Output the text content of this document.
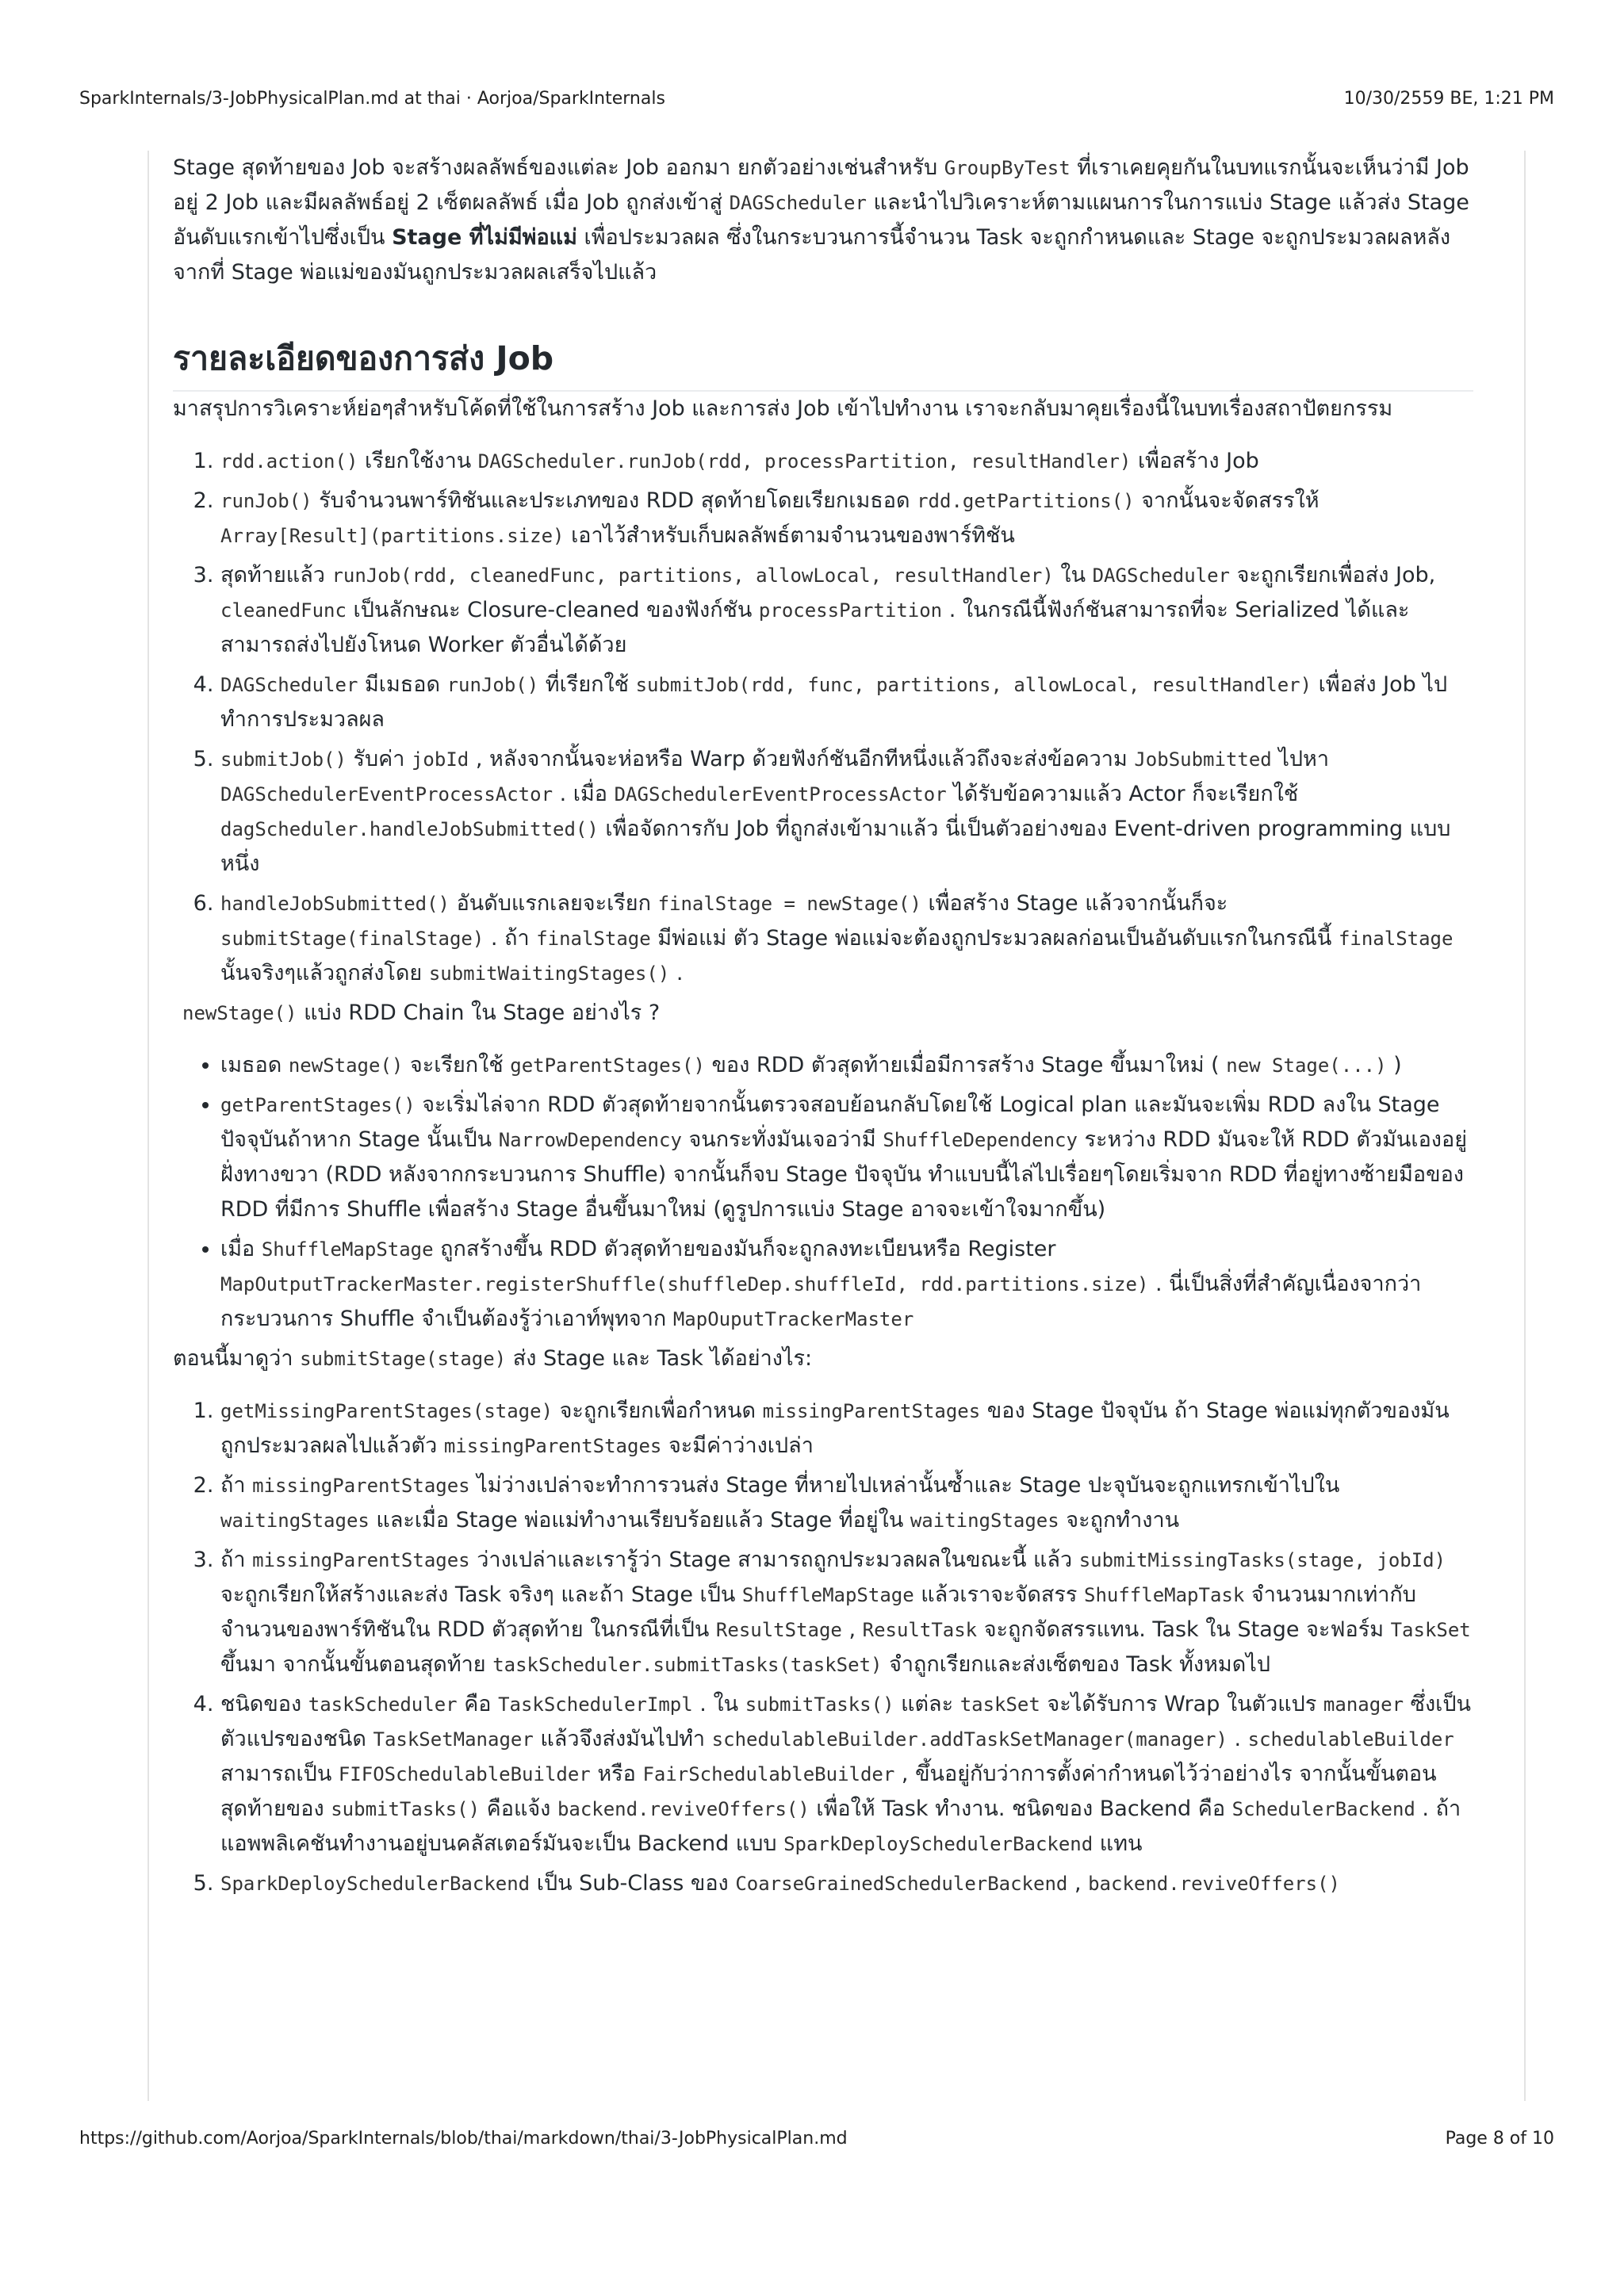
SparkInternals/3-JobPhysicalPlan.md at thai · Aorjoa/SparkInternals	10/30/2559 BE, 1:21 PM

Stage สุดท้ายของ Job จะสร้างผลลัพธ์ของแต่ละ Job ออกมา ยกตัวอย่างเช่นสำหรับ GroupByTest ที่เราเคยคุยกันในบทแรกนั้นจะเห็นว่ามี Job อยู่ 2 Job และมีผลลัพธ์อยู่ 2 เซ็ตผลลัพธ์ เมื่อ Job ถูกส่งเข้าสู่ DAGScheduler และนำไปวิเคราะห์ตามแผนการในการแบ่ง Stage แล้วส่ง Stage อันดับแรกเข้าไปซึ่งเป็น Stage ที่ไม่มีพ่อแม่ เพื่อประมวลผล ซึ่งในกระบวนการนี้จำนวน Task จะถูกกำหนดและ Stage จะถูกประมวลผลหลังจากที่ Stage พ่อแม่ของมันถูกประมวลผลเสร็จไปแล้ว

รายละเอียดของการส่ง Job

มาสรุปการวิเคราะห์ย่อๆสำหรับโค้ดที่ใช้ในการสร้าง Job และการส่ง Job เข้าไปทำงาน เราจะกลับมาคุยเรื่องนี้ในบทเรื่องสถาปัตยกรรม

1. rdd.action() เรียกใช้งาน DAGScheduler.runJob(rdd, processPartition, resultHandler) เพื่อสร้าง Job
2. runJob() รับจำนวนพาร์ทิชันและประเภทของ RDD สุดท้ายโดยเรียกเมธอด rdd.getPartitions() จากนั้นจะจัดสรรให้ Array[Result](partitions.size) เอาไว้สำหรับเก็บผลลัพธ์ตามจำนวนของพาร์ทิชัน
3. สุดท้ายแล้ว runJob(rdd, cleanedFunc, partitions, allowLocal, resultHandler) ใน DAGScheduler จะถูกเรียกเพื่อส่ง Job, cleanedFunc เป็นลักษณะ Closure-cleaned ของฟังก์ชัน processPartition . ในกรณีนี้ฟังก์ชันสามารถที่จะ Serialized ได้และสามารถส่งไปยังโหนด Worker ตัวอื่นได้ด้วย
4. DAGScheduler มีเมธอด runJob() ที่เรียกใช้ submitJob(rdd, func, partitions, allowLocal, resultHandler) เพื่อส่ง Job ไปทำการประมวลผล
5. submitJob() รับค่า jobId , หลังจากนั้นจะห่อหรือ Warp ด้วยฟังก์ชันอีกทีหนึ่งแล้วถึงจะส่งข้อความ JobSubmitted ไปหา DAGSchedulerEventProcessActor . เมื่อ DAGSchedulerEventProcessActor ได้รับข้อความแล้ว Actor ก็จะเรียกใช้ dagScheduler.handleJobSubmitted() เพื่อจัดการกับ Job ที่ถูกส่งเข้ามาแล้ว นี่เป็นตัวอย่างของ Event-driven programming แบบหนึ่ง
6. handleJobSubmitted() อันดับแรกเลยจะเรียก finalStage = newStage() เพื่อสร้าง Stage แล้วจากนั้นก็จะ submitStage(finalStage) . ถ้า finalStage มีพ่อแม่ ตัว Stage พ่อแม่จะต้องถูกประมวลผลก่อนเป็นอันดับแรกในกรณีนี้ finalStage นั้นจริงๆแล้วถูกส่งโดย submitWaitingStages() .

newStage() แบ่ง RDD Chain ใน Stage อย่างไร ?

• เมธอด newStage() จะเรียกใช้ getParentStages() ของ RDD ตัวสุดท้ายเมื่อมีการสร้าง Stage ขึ้นมาใหม่ ( new Stage(...) )
• getParentStages() จะเริ่มไล่จาก RDD ตัวสุดท้ายจากนั้นตรวจสอบย้อนกลับโดยใช้ Logical plan และมันจะเพิ่ม RDD ลงใน Stage ปัจจุบันถ้าหาก Stage นั้นเป็น NarrowDependency จนกระทั่งมันเจอว่ามี ShuffleDependency ระหว่าง RDD มันจะให้ RDD ตัวมันเองอยู่ฝั่งทางขวา (RDD หลังจากกระบวนการ Shuffle) จากนั้นก็จบ Stage ปัจจุบัน ทำแบบนี้ไล่ไปเรื่อยๆโดยเริ่มจาก RDD ที่อยู่ทางซ้ายมือของ RDD ที่มีการ Shuffle เพื่อสร้าง Stage อื่นขึ้นมาใหม่ (ดูรูปการแบ่ง Stage อาจจะเข้าใจมากขึ้น)
• เมื่อ ShuffleMapStage ถูกสร้างขึ้น RDD ตัวสุดท้ายของมันก็จะถูกลงทะเบียนหรือ Register MapOutputTrackerMaster.registerShuffle(shuffleDep.shuffleId, rdd.partitions.size) . นี่เป็นสิ่งที่สำคัญเนื่องจากว่ากระบวนการ Shuffle จำเป็นต้องรู้ว่าเอาท์พุทจาก MapOuputTrackerMaster

ตอนนี้มาดูว่า submitStage(stage) ส่ง Stage และ Task ได้อย่างไร:

1. getMissingParentStages(stage) จะถูกเรียกเพื่อกำหนด missingParentStages ของ Stage ปัจจุบัน ถ้า Stage พ่อแม่ทุกตัวของมันถูกประมวลผลไปแล้วตัว missingParentStages จะมีค่าว่างเปล่า
2. ถ้า missingParentStages ไม่ว่างเปล่าจะทำการวนส่ง Stage ที่หายไปเหล่านั้นซ้ำและ Stage ปะจุบันจะถูกแทรกเข้าไปใน waitingStages และเมื่อ Stage พ่อแม่ทำงานเรียบร้อยแล้ว Stage ที่อยู่ใน waitingStages จะถูกทำงาน
3. ถ้า missingParentStages ว่างเปล่าและเรารู้ว่า Stage สามารถถูกประมวลผลในขณะนี้ แล้ว submitMissingTasks(stage, jobId) จะถูกเรียกให้สร้างและส่ง Task จริงๆ และถ้า Stage เป็น ShuffleMapStage แล้วเราจะจัดสรร ShuffleMapTask จำนวนมากเท่ากับจำนวนของพาร์ทิชันใน RDD ตัวสุดท้าย ในกรณีที่เป็น ResultStage , ResultTask จะถูกจัดสรรแทน. Task ใน Stage จะฟอร์ม TaskSet ขึ้นมา จากนั้นขั้นตอนสุดท้าย taskScheduler.submitTasks(taskSet) จำถูกเรียกและส่งเซ็ตของ Task ทั้งหมดไป
4. ชนิดของ taskScheduler คือ TaskSchedulerImpl . ใน submitTasks() แต่ละ taskSet จะได้รับการ Wrap ในตัวแปร manager ซึ่งเป็นตัวแปรของชนิด TaskSetManager แล้วจึงส่งมันไปทำ schedulableBuilder.addTaskSetManager(manager) . schedulableBuilder สามารถเป็น FIFOSchedulableBuilder หรือ FairSchedulableBuilder , ขึ้นอยู่กับว่าการตั้งค่ากำหนดไว้ว่าอย่างไร จากนั้นขั้นตอนสุดท้ายของ submitTasks() คือแจ้ง backend.reviveOffers() เพื่อให้ Task ทำงาน. ชนิดของ Backend คือ SchedulerBackend . ถ้าแอพพลิเคชันทำงานอยู่บนคลัสเตอร์มันจะเป็น Backend แบบ SparkDeploySchedulerBackend แทน
5. SparkDeploySchedulerBackend เป็น Sub-Class ของ CoarseGrainedSchedulerBackend , backend.reviveOffers()
https://github.com/Aorjoa/SparkInternals/blob/thai/markdown/thai/3-JobPhysicalPlan.md	Page 8 of 10
